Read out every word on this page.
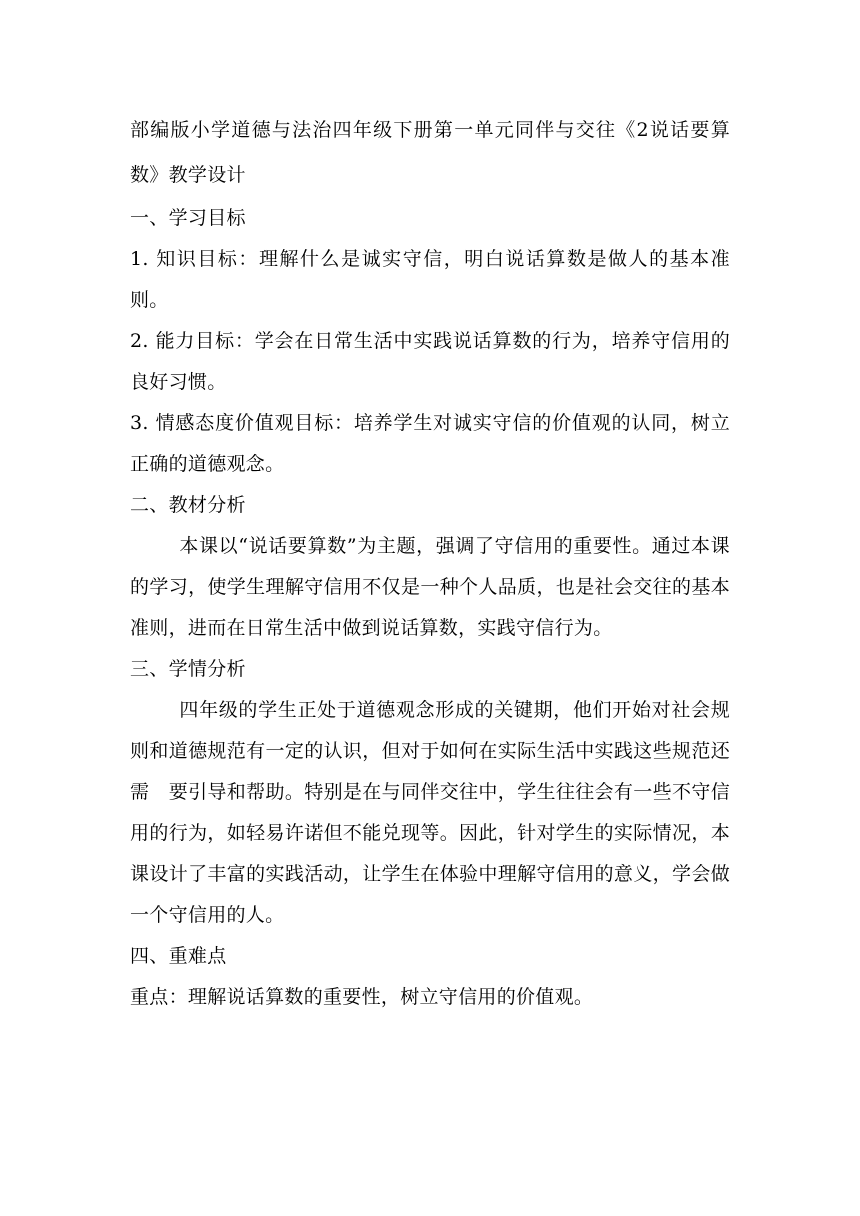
部编版小学道德与法治四年级下册第一单元同伴与交往《2说话要算数》教学设计

一、学习目标

1. 知识目标：理解什么是诚实守信，明白说话算数是做人的基本准则。

2. 能力目标：学会在日常生活中实践说话算数的行为，培养守信用的良好习惯。

3. 情感态度价值观目标：培养学生对诚实守信的价值观的认同，树立正确的道德观念。

二、教材分析

本课以“说话要算数”为主题，强调了守信用的重要性。通过本课的学习，使学生理解守信用不仅是一种个人品质，也是社会交往的基本准则，进而在日常生活中做到说话算数，实践守信行为。

三、学情分析

四年级的学生正处于道德观念形成的关键期，他们开始对社会规则和道德规范有一定的认识，但对于如何在实际生活中实践这些规范还需　要引导和帮助。特别是在与同伴交往中，学生往往会有一些不守信用的行为，如轻易许诺但不能兑现等。因此，针对学生的实际情况，本课设计了丰富的实践活动，让学生在体验中理解守信用的意义，学会做一个守信用的人。

四、重难点

重点：理解说话算数的重要性，树立守信用的价值观。
